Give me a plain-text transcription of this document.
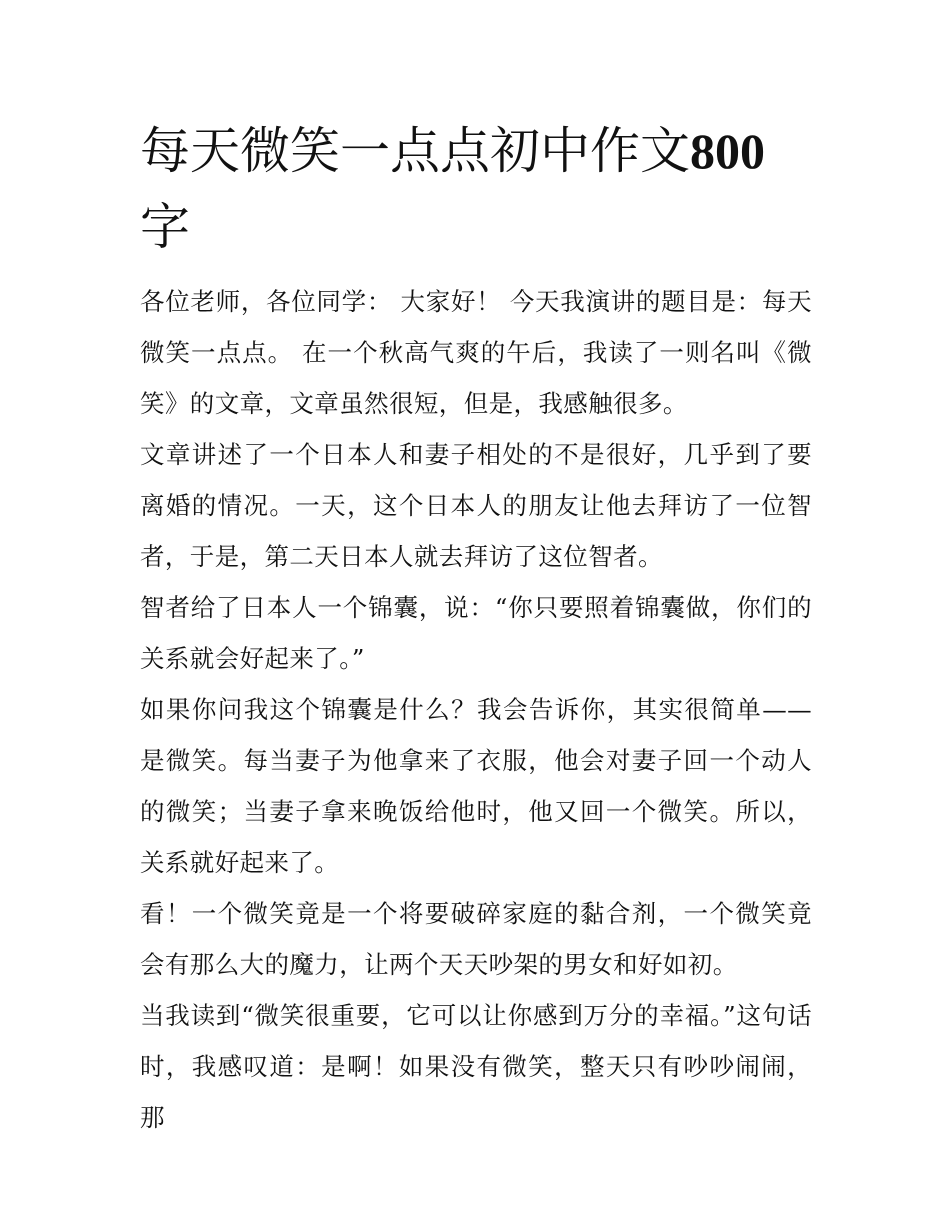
每天微笑一点点初中作文800
字

各位老师，各位同学： 大家好！ 今天我演讲的题目是：每天微笑一点点。 在一个秋高气爽的午后，我读了一则名叫《微笑》的文章，文章虽然很短，但是，我感触很多。

文章讲述了一个日本人和妻子相处的不是很好，几乎到了要离婚的情况。一天，这个日本人的朋友让他去拜访了一位智者，于是，第二天日本人就去拜访了这位智者。

智者给了日本人一个锦囊，说：“你只要照着锦囊做，你们的关系就会好起来了。”

如果你问我这个锦囊是什么？我会告诉你，其实很简单——是微笑。每当妻子为他拿来了衣服，他会对妻子回一个动人的微笑；当妻子拿来晚饭给他时，他又回一个微笑。所以，关系就好起来了。

看！一个微笑竟是一个将要破碎家庭的黏合剂，一个微笑竟会有那么大的魔力，让两个天天吵架的男女和好如初。

当我读到“微笑很重要，它可以让你感到万分的幸福。”这句话时，我感叹道：是啊！如果没有微笑，整天只有吵吵闹闹，那
